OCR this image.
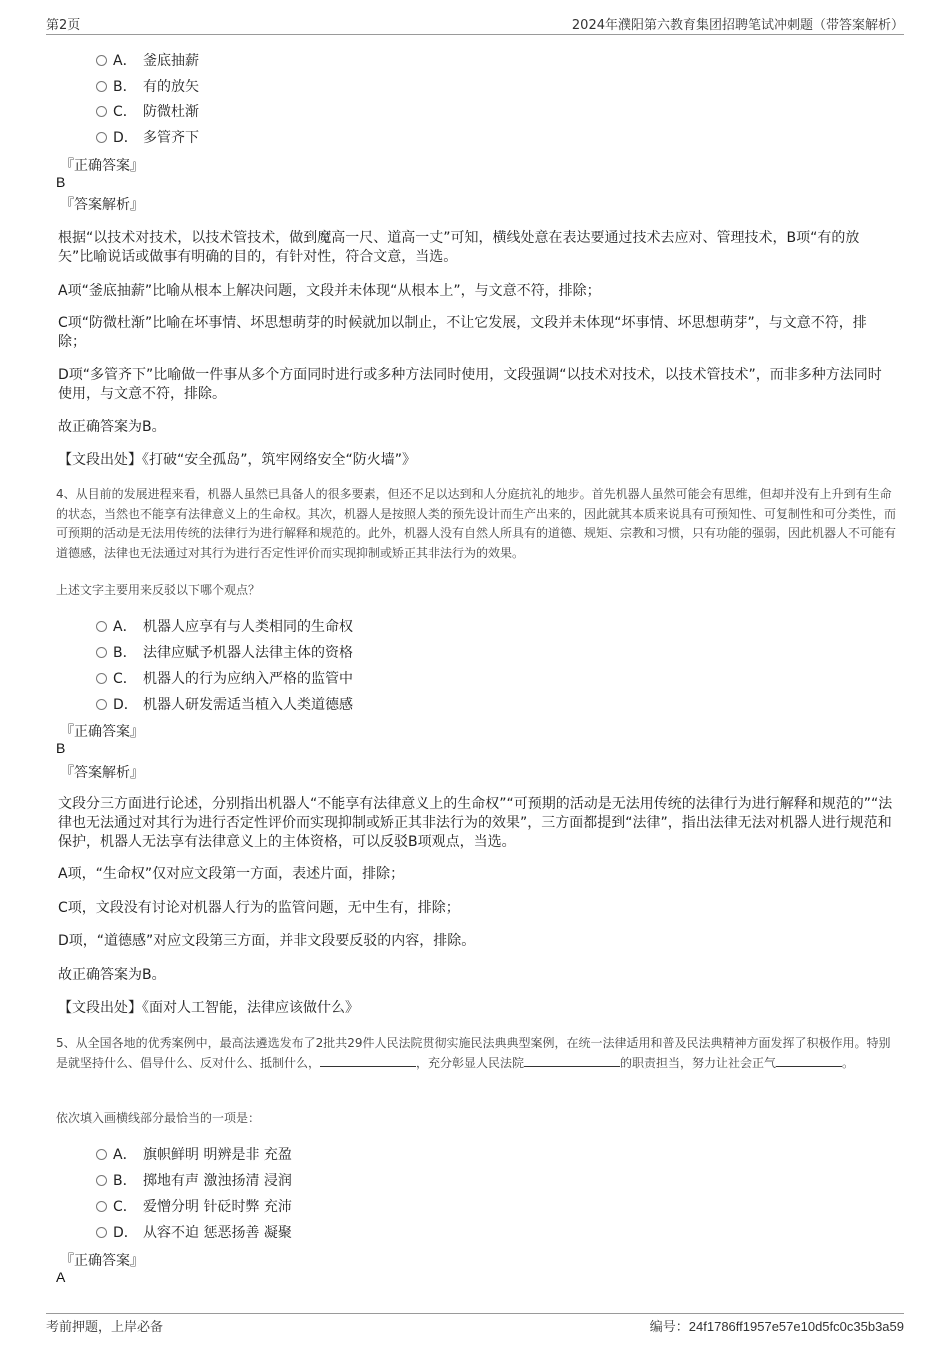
第2页	2024年濮阳第六教育集团招聘笔试冲刺题（带答案解析）
A． 釜底抽薪
B． 有的放矢
C． 防微杜渐
D． 多管齐下
『正确答案』
B
『答案解析』
根据“以技术对技术，以技术管技术，做到魔高一尺、道高一丈”可知，横线处意在表达要通过技术去应对、管理技术，B项“有的放矢”比喻说话或做事有明确的目的，有针对性，符合文意，当选。
A项“釜底抽薪”比喻从根本上解决问题，文段并未体现“从根本上”，与文意不符，排除；
C项“防微杜渐”比喻在坏事情、坏思想萌芽的时候就加以制止，不让它发展，文段并未体现“坏事情、坏思想萌芽”，与文意不符，排除；
D项“多管齐下”比喻做一件事从多个方面同时进行或多种方法同时使用，文段强调“以技术对技术，以技术管技术”，而非多种方法同时使用，与文意不符，排除。
故正确答案为B。
【文段出处】《打破“安全孤岛”，筑牢网络安全“防火墙”》
4、从目前的发展进程来看，机器人虽然已具备人的很多要素，但还不足以达到和人分庭抗礼的地步。首先机器人虽然可能会有思维，但却并没有上升到有生命的状态，当然也不能享有法律意义上的生命权。其次，机器人是按照人类的预先设计而生产出来的，因此就其本质来说具有可预知性、可复制性和可分类性，而可预期的活动是无法用传统的法律行为进行解释和规范的。此外，机器人没有自然人所具有的道德、规矩、宗教和习惯，只有功能的强弱，因此机器人不可能有道德感，法律也无法通过对其行为进行否定性评价而实现抑制或矫正其非法行为的效果。
上述文字主要用来反驳以下哪个观点？
A． 机器人应享有与人类相同的生命权
B． 法律应赋予机器人法律主体的资格
C． 机器人的行为应纳入严格的监管中
D． 机器人研发需适当植入人类道德感
『正确答案』
B
『答案解析』
文段分三方面进行论述，分别指出机器人“不能享有法律意义上的生命权”“可预期的活动是无法用传统的法律行为进行解释和规范的”“法律也无法通过对其行为进行否定性评价而实现抑制或矫正其非法行为的效果”，三方面都提到“法律”，指出法律无法对机器人进行规范和保护，机器人无法享有法律意义上的主体资格，可以反驳B项观点，当选。
A项，“生命权”仅对应文段第一方面，表述片面，排除；
C项，文段没有讨论对机器人行为的监管问题，无中生有，排除；
D项，“道德感”对应文段第三方面，并非文段要反驳的内容，排除。
故正确答案为B。
【文段出处】《面对人工智能，法律应该做什么》
5、从全国各地的优秀案例中，最高法遴选发布了2批共29件人民法院贯彻实施民法典典型案例，在统一法律适用和普及民法典精神方面发挥了积极作用。特别是就坚持什么、倡导什么、反对什么、抵制什么，	，充分彰显人民法院	的职责担当，努力让社会正气	。
依次填入画横线部分最恰当的一项是：
A． 旗帜鲜明 明辨是非 充盈
B． 掷地有声 激浊扬清 浸润
C． 爱憎分明 针砭时弊 充沛
D． 从容不迫 惩恶扬善 凝聚
『正确答案』
A
考前押题，上岸必备	编号：24f1786ff1957e57e10d5fc0c35b3a59
